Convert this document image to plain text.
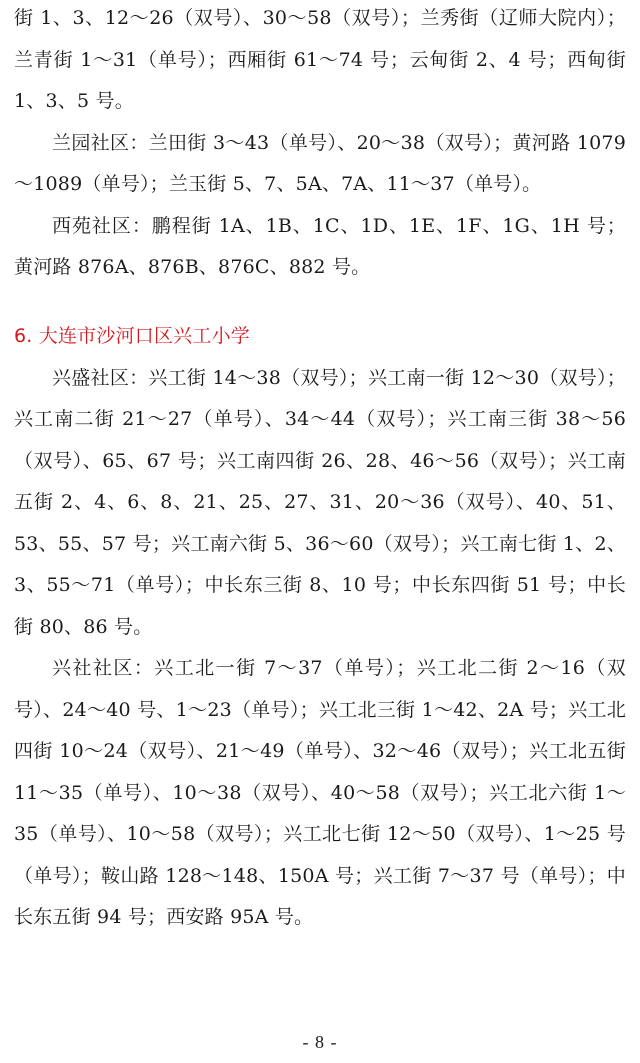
街 1、3、12～26（双号）、30～58（双号）；兰秀街（辽师大院内）；兰青街 1～31（单号）；西厢街 61～74 号；云甸街 2、4 号；西甸街 1、3、5 号。

兰园社区：兰田街 3～43（单号）、20～38（双号）；黄河路 1079～1089（单号）；兰玉街 5、7、5A、7A、11～37（单号）。

西苑社区：鹏程街 1A、1B、1C、1D、1E、1F、1G、1H 号；黄河路 876A、876B、876C、882 号。

6. 大连市沙河口区兴工小学

兴盛社区：兴工街 14～38（双号）；兴工南一街 12～30（双号）；兴工南二街 21～27（单号）、34～44（双号）；兴工南三街 38～56（双号）、65、67 号；兴工南四街 26、28、46～56（双号）；兴工南五街 2、4、6、8、21、25、27、31、20～36（双号）、40、51、53、55、57 号；兴工南六街 5、36～60（双号）；兴工南七街 1、2、3、55～71（单号）；中长东三街 8、10 号；中长东四街 51 号；中长街 80、86 号。

兴社社区：兴工北一街 7～37（单号）；兴工北二街 2～16（双号）、24～40 号、1～23（单号）；兴工北三街 1～42、2A 号；兴工北四街 10～24（双号）、21～49（单号）、32～46（双号）；兴工北五街 11～35（单号）、10～38（双号）、40～58（双号）；兴工北六街 1～35（单号）、10～58（双号）；兴工北七街 12～50（双号）、1～25 号（单号）；鞍山路 128～148、150A 号；兴工街 7～37 号（单号）；中长东五街 94 号；西安路 95A 号。

- 8 -
